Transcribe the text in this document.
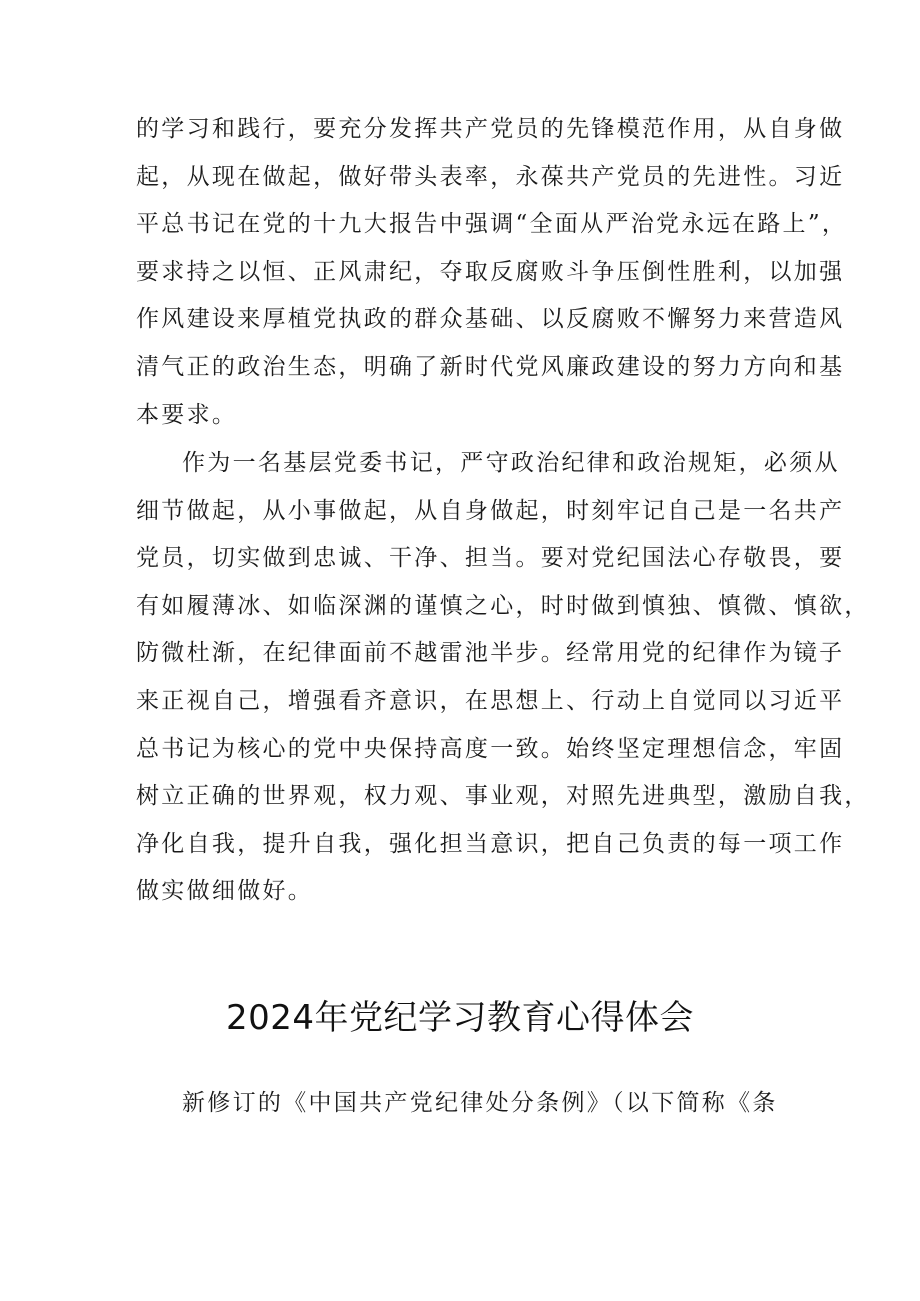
的学习和践行，要充分发挥共产党员的先锋模范作用，从自身做
起，从现在做起，做好带头表率，永葆共产党员的先进性。习近
平总书记在党的十九大报告中强调“全面从严治党永远在路上”，
要求持之以恒、正风肃纪，夺取反腐败斗争压倒性胜利，以加强
作风建设来厚植党执政的群众基础、以反腐败不懈努力来营造风
清气正的政治生态，明确了新时代党风廉政建设的努力方向和基
本要求。
作为一名基层党委书记，严守政治纪律和政治规矩，必须从
细节做起，从小事做起，从自身做起，时刻牢记自己是一名共产
党员，切实做到忠诚、干净、担当。要对党纪国法心存敬畏，要
有如履薄冰、如临深渊的谨慎之心，时时做到慎独、慎微、慎欲，
防微杜渐，在纪律面前不越雷池半步。经常用党的纪律作为镜子
来正视自己，增强看齐意识，在思想上、行动上自觉同以习近平
总书记为核心的党中央保持高度一致。始终坚定理想信念，牢固
树立正确的世界观，权力观、事业观，对照先进典型，激励自我，
净化自我，提升自我，强化担当意识，把自己负责的每一项工作
做实做细做好。
2024年党纪学习教育心得体会
新修订的《中国共产党纪律处分条例》（以下简称《条
